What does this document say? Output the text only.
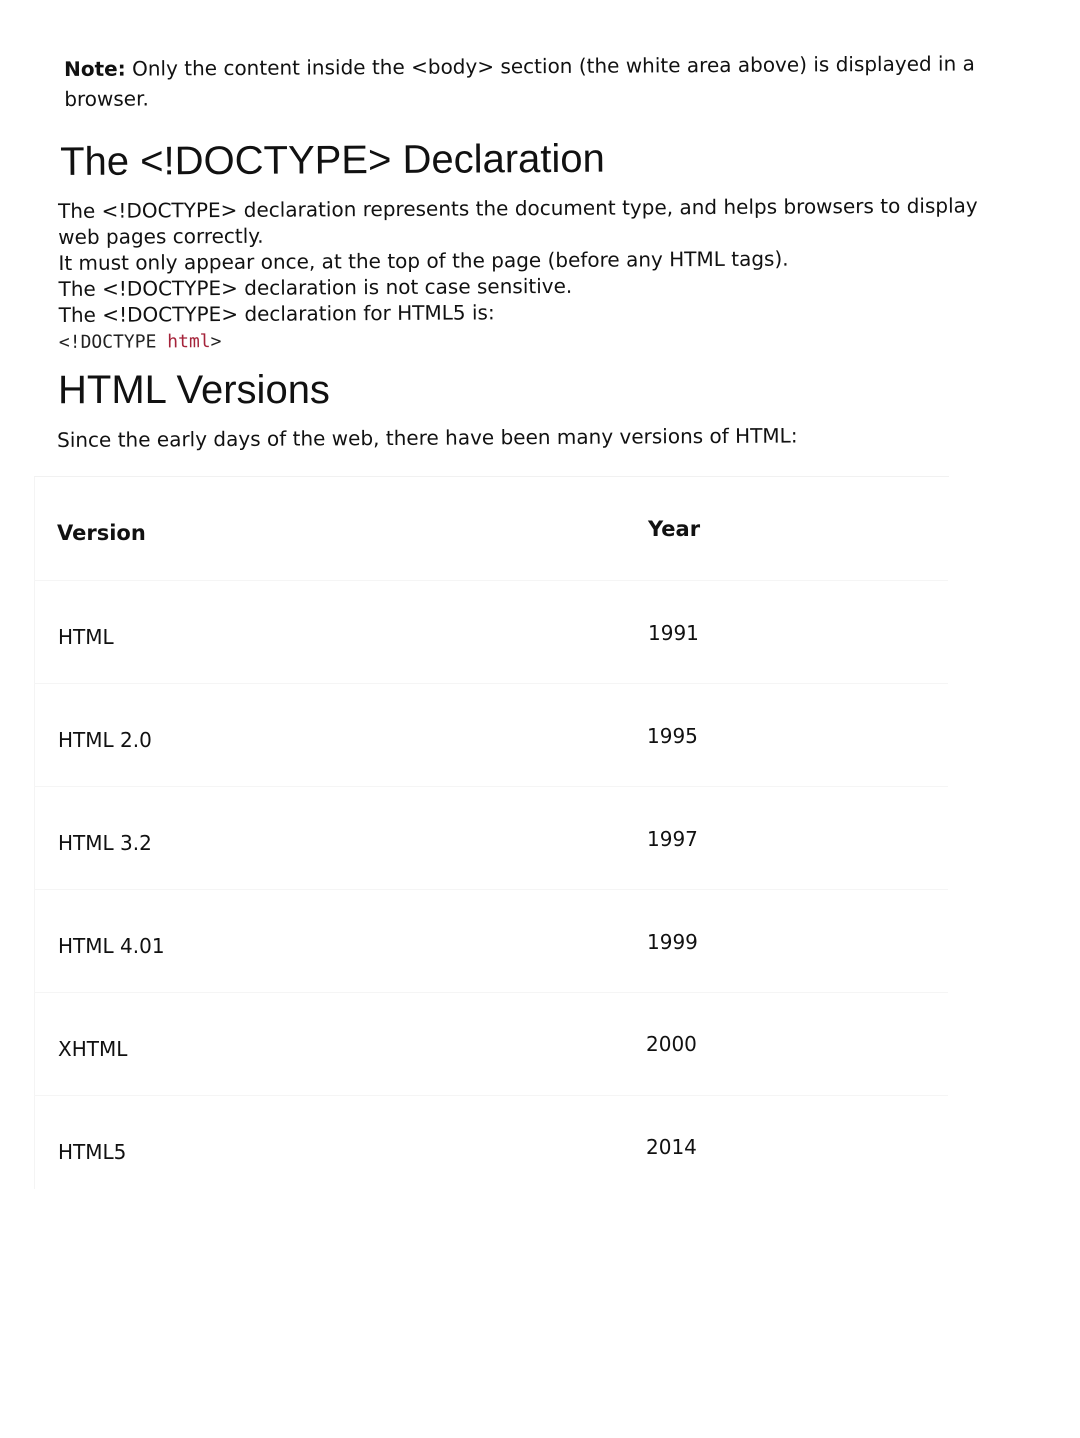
Note: Only the content inside the <body> section (the white area above) is displayed in a browser.
The <!DOCTYPE> Declaration
The <!DOCTYPE> declaration represents the document type, and helps browsers to display web pages correctly.
It must only appear once, at the top of the page (before any HTML tags).
The <!DOCTYPE> declaration is not case sensitive.
The <!DOCTYPE> declaration for HTML5 is:
<!DOCTYPE html>
HTML Versions
Since the early days of the web, there have been many versions of HTML:
Version	Year
HTML	1991
HTML 2.0	1995
HTML 3.2	1997
HTML 4.01	1999
XHTML	2000
HTML5	2014
